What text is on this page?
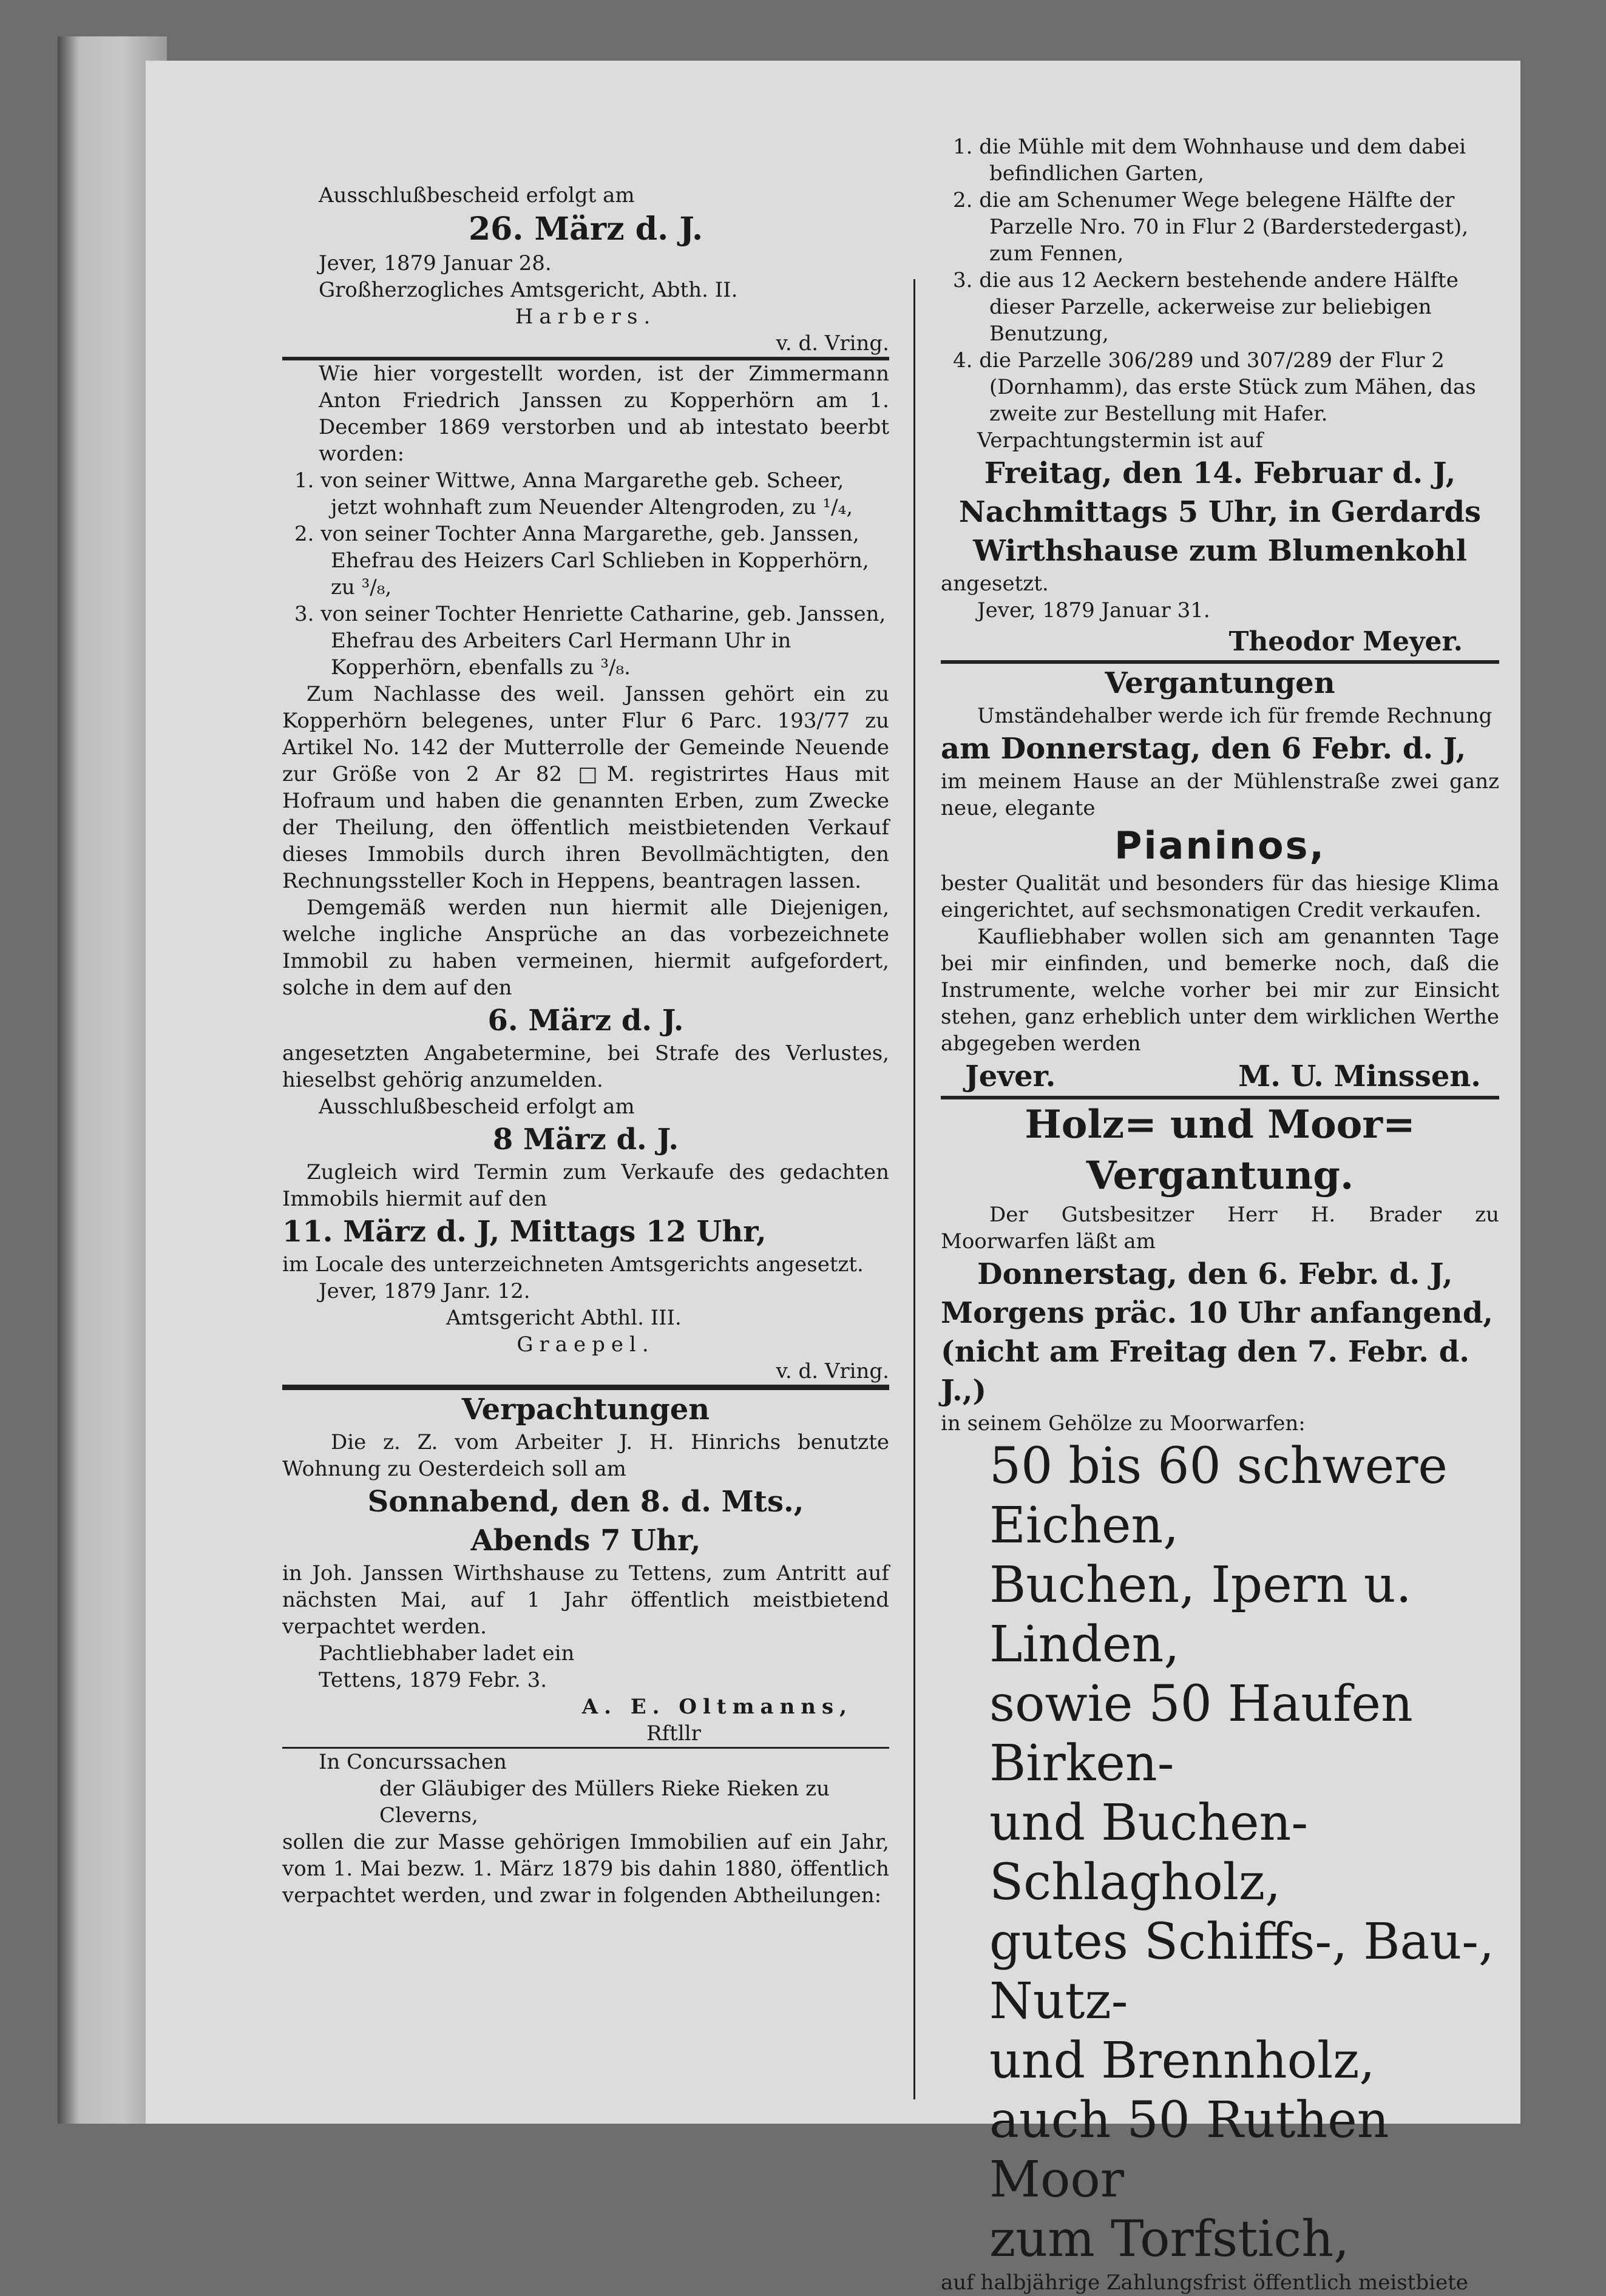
Ausschlußbescheid erfolgt am
26. März d. J.
Jever, 1879 Januar 28.
Großherzogliches Amtsgericht, Abth. II.
Harbers.
v. d. Vring.

Wie hier vorgestellt worden, ist der Zimmermann Anton Friedrich Janssen zu Kopperhörn am 1. December 1869 verstorben und ab intestato beerbt worden:

1. von seiner Wittwe, Anna Margarethe geb. Scheer, jetzt wohnhaft zum Neuender Altengroden, zu ¹/₄,

2. von seiner Tochter Anna Margarethe, geb. Janssen, Ehefrau des Heizers Carl Schlieben in Kopperhörn, zu ³/₈,

3. von seiner Tochter Henriette Catharine, geb. Janssen, Ehefrau des Arbeiters Carl Hermann Uhr in Kopperhörn, ebenfalls zu ³/₈.

Zum Nachlasse des weil. Janssen gehört ein zu Kopperhörn belegenes, unter Flur 6 Parc. 193/77 zu Artikel No. 142 der Mutterrolle der Gemeinde Neuende zur Größe von 2 Ar 82 □M. registrirtes Haus mit Hofraum und haben die genannten Erben, zum Zwecke der Theilung, den öffentlich meistbietenden Verkauf dieses Immobils durch ihren Bevollmächtigten, den Rechnungssteller Koch in Heppens, beantragen lassen.

Demgemäß werden nun hiermit alle Diejenigen, welche ingliche Ansprüche an das vorbezeichnete Immobil zu haben vermeinen, hiermit aufgefordert, solche in dem auf den

6. März d. J.

angesetzten Angabetermine, bei Strafe des Verlustes, hieselbst gehörig anzumelden.

Ausschlußbescheid erfolgt am
8 März d. J.

Zugleich wird Termin zum Verkaufe des gedachten Immobils hiermit auf den

11. März d. J, Mittags 12 Uhr,
im Locale des unterzeichneten Amtsgerichts angesetzt.
Jever, 1879 Janr. 12.
Amtsgericht Abthl. III.
Graepel.
v. d. Vring.
Verpachtungen

Die z. Z. vom Arbeiter J. H. Hinrichs benutzte Wohnung zu Oesterdeich soll am

Sonnabend, den 8. d. Mts.,
Abends 7 Uhr,

in Joh. Janssen Wirthshause zu Tettens, zum Antritt auf nächsten Mai, auf 1 Jahr öffentlich meistbietend verpachtet werden.

Pachtliebhaber ladet ein
Tettens, 1879 Febr. 3.
A. E. Oltmanns,
Rftllr
In Concurssachen
der Gläubiger des Müllers Rieke Rieken zu Cleverns,

sollen die zur Masse gehörigen Immobilien auf ein Jahr, vom 1. Mai bezw. 1. März 1879 bis dahin 1880, öffentlich verpachtet werden, und zwar in folgenden Abtheilungen:

1. die Mühle mit dem Wohnhause und dem dabei befindlichen Garten,

2. die am Schenumer Wege belegene Hälfte der Parzelle Nro. 70 in Flur 2 (Barderstedergast), zum Fennen,

3. die aus 12 Aeckern bestehende andere Hälfte dieser Parzelle, ackerweise zur beliebigen Benutzung,

4. die Parzelle 306/289 und 307/289 der Flur 2 (Dornhamm), das erste Stück zum Mähen, das zweite zur Bestellung mit Hafer.

Verpachtungstermin ist auf
Freitag, den 14. Februar d. J,
Nachmittags 5 Uhr, in Gerdards
Wirthshause zum Blumenkohl
angesetzt.
Jever, 1879 Januar 31.
Theodor Meyer.
Vergantungen
Umständehalber werde ich für fremde Rechnung
am Donnerstag, den 6 Febr. d. J,

im meinem Hause an der Mühlenstraße zwei ganz neue, elegante

Pianinos,

bester Qualität und besonders für das hiesige Klima eingerichtet, auf sechsmonatigen Credit verkaufen.

Kaufliebhaber wollen sich am genannten Tage bei mir einfinden, und bemerke noch, daß die Instrumente, welche vorher bei mir zur Einsicht stehen, ganz erheblich unter dem wirklichen Werthe abgegeben werden

Jever.	M. U. Minssen.
Holz= und Moor=
Vergantung.

Der Gutsbesitzer Herr H. Brader zu Moorwarfen läßt am

Donnerstag, den 6. Febr. d. J,
Morgens präc. 10 Uhr anfangend,
(nicht am Freitag den 7. Febr. d. J.,)
in seinem Gehölze zu Moorwarfen:
50 bis 60 schwere Eichen,
Buchen, Ipern u. Linden,
sowie 50 Haufen Birken-
und Buchen-Schlagholz,
gutes Schiffs-, Bau-, Nutz-
und Brennholz,
auch 50 Ruthen Moor
zum Torfstich,
auf halbjährige Zahlungsfrist öffentlich meistbiete
